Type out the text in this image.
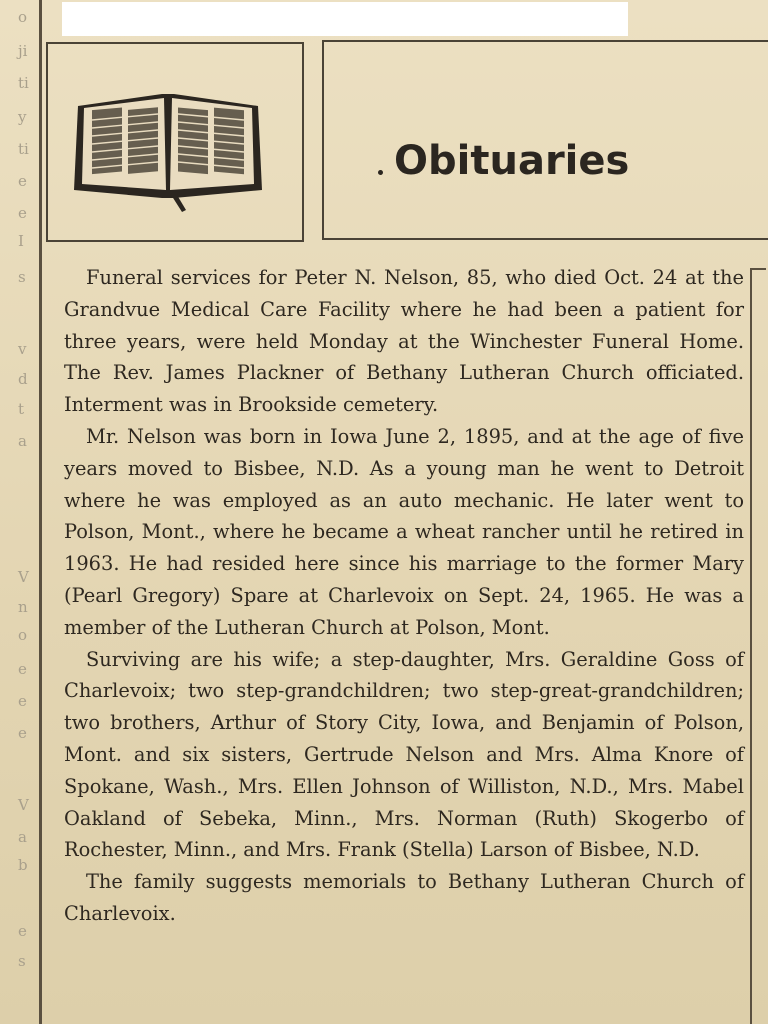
o
ji
ti
y
ti
e
e
I
s
v
d
t
a
V
n
o
e
e
e
V
a
b
e
s
Obituaries

Funeral services for Peter N. Nelson, 85, who died Oct. 24 at the Grandvue Medical Care Facility where he had been a patient for three years, were held Monday at the Winchester Funeral Home. The Rev. James Plackner of Bethany Lutheran Church officiated. Interment was in Brookside cemetery.

Mr. Nelson was born in Iowa June 2, 1895, and at the age of five years moved to Bisbee, N.D. As a young man he went to Detroit where he was employed as an auto mechanic. He later went to Polson, Mont., where he became a wheat rancher until he retired in 1963. He had resided here since his marriage to the former Mary (Pearl Gregory) Spare at Charlevoix on Sept. 24, 1965. He was a member of the Lutheran Church at Polson, Mont.

Surviving are his wife; a step-daughter, Mrs. Geraldine Goss of Charlevoix; two step-grandchildren; two step-great-grandchildren; two brothers, Arthur of Story City, Iowa, and Benjamin of Polson, Mont. and six sisters, Gertrude Nelson and Mrs. Alma Knore of Spokane, Wash., Mrs. Ellen Johnson of Williston, N.D., Mrs. Mabel Oakland of Sebeka, Minn., Mrs. Norman (Ruth) Skogerbo of Rochester, Minn., and Mrs. Frank (Stella) Larson of Bisbee, N.D.

The family suggests memorials to Bethany Lutheran Church of Charlevoix.
